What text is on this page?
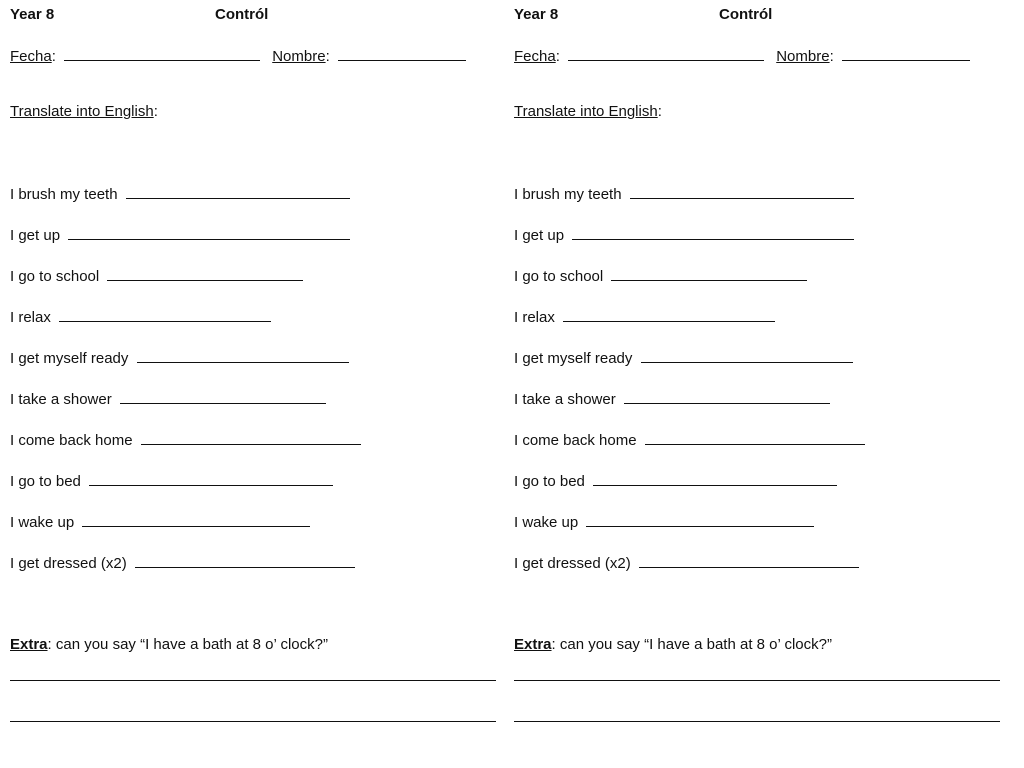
Year 8	Contról
Fecha:	Nombre:
Translate into English:
I brush my teeth
I get up
I go to school
I relax
I get myself ready
I take a shower
I come back home
I go to bed
I wake up
I get dressed (x2)
Extra: can you say “I have a bath at 8 o’ clock?”
Year 8	Contról
Fecha:	Nombre:
Translate into English:
I brush my teeth
I get up
I go to school
I relax
I get myself ready
I take a shower
I come back home
I go to bed
I wake up
I get dressed (x2)
Extra: can you say “I have a bath at 8 o’ clock?”
